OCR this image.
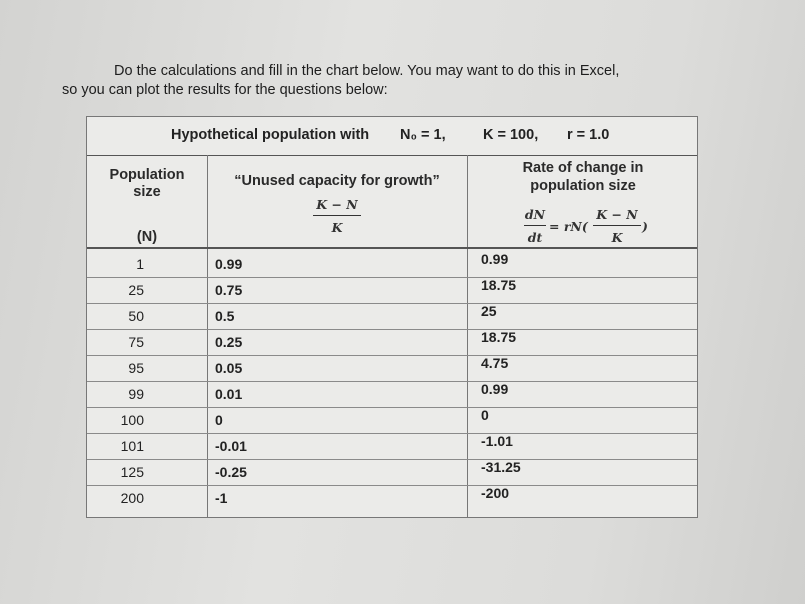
Do the calculations and fill in the chart below. You may want to do this in Excel,
so you can plot the results for the questions below:
Hypothetical population with N₀ = 1,	K = 100, r = 1.0
Population
size
(N)
“Unused capacity for growth”
K − N
K
Rate of change in
population size
dN
dt
= rN(
K − N
K
)
1	0.99	0.99
25	0.75	18.75
50	0.5	25
75	0.25	18.75
95	0.05	4.75
99	0.01	0.99
100	0	0
101	-0.01	-1.01
125	-0.25	-31.25
200	-1	-200
